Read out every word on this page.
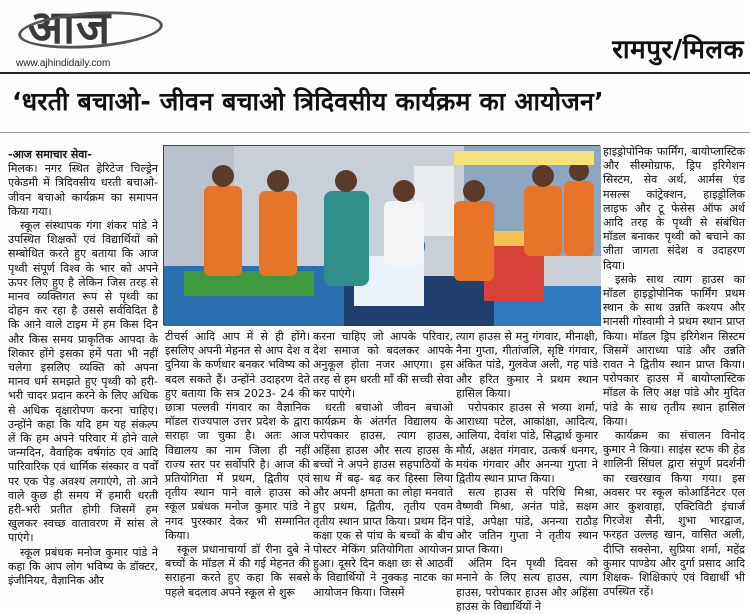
आज
www.ajhindidaily.com	रामपुर/मिलक
‘धरती बचाओ- जीवन बचाओ त्रिदिवसीय कार्यक्रम का आयोजन’

-आज समाचार सेवा-

मिलक। नगर स्थित हेरिटेज चिल्ड्रेन एकेडमी में त्रिदिवसीय धरती बचाओ- जीवन बचाओ कार्यक्रम का समापन किया गया।

स्कूल संस्थापक गंगा शंकर पांडे ने उपस्थित शिक्षकों एवं विद्यार्थियों को सम्बोधित करते हुए बताया कि आज पृथ्वी संपूर्ण विश्व के भार को अपने ऊपर लिए हुए है लेकिन जिस तरह से मानव व्यक्तिगत रूप से पृथ्वी का दोहन कर रहा है उससे सर्वविदित है कि आने वाले टाइम में हम किस दिन और किस समय प्राकृतिक आपदा के शिकार होंगे इसका हमें पता भी नहीं चलेगा इसलिए व्यक्ति को अपना मानव धर्म समझते हुए पृथ्वी को हरी- भरी चादर प्रदान करने के लिए अधिक से अधिक वृक्षारोपण करना चाहिए। उन्होंने कहा कि यदि हम यह संकल्प लें कि हम अपने परिवार में होने वाले जन्मदिन, वैवाहिक वर्षगांठ एवं आदि पारिवारिक एवं धार्मिक संस्कार व पर्वों पर एक पेड़ अवश्य लगाएंगे, तो आने वाले कुछ ही समय में हमारी धरती हरी-भरी प्रतीत होगी जिसमें हम खुलकर स्वच्छ वातावरण में सांस ले पाएंगे।

स्कूल प्रबंधक मनोज कुमार पांडे ने कहा कि आप लोग भविष्य के डॉक्टर, इंजीनियर, वैज्ञानिक और

टीचर्स आदि आप में से ही होंगे। इसलिए अपनी मेहनत से आप देश व दुनिया के कर्णधार बनकर भविष्य को बदल सकते हैं। उन्होंने उदाहरण देते हुए बताया कि सत्र 2023- 24 की छात्रा पल्लवी गंगवार का वैज्ञानिक मॉडल राज्यपाल उत्तर प्रदेश के द्वारा सराहा जा चुका है। अतः आज विद्यालय का नाम जिला ही नहीं राज्य स्तर पर सर्वोपरि है। आज की प्रतियोगिता में प्रथम, द्वितीय एवं तृतीय स्थान पाने वाले हाउस को स्कूल प्रबंधक मनोज कुमार पांडे ने नगद पुरस्कार देकर भी सम्मानित किया।

स्कूल प्रधानाचार्या डॉ रीना दुबे ने बच्चों के मॉडल में की गई मेहनत की सराहना करते हुए कहा कि सबसे पहले बदलाव अपने स्कूल से शुरू

करना चाहिए जो आपके परिवार, देश समाज को बदलकर आपके अनुकूल होता नजर आएगा। इस तरह से हम धरती माँ की सच्ची सेवा कर पाएंगे।

धरती बचाओ जीवन बचाओ कार्यक्रम के अंतर्गत विद्यालय के परोपकार हाउस, त्याग हाउस, अहिंसा हाउस और सत्य हाउस के बच्चों ने अपने हाउस सहपाठियों के साथ में बढ़- बढ़ कर हिस्सा लिया और अपनी क्षमता का लोहा मनवाते हुए प्रथम, द्वितीय, तृतीय एवम तृतीय स्थान प्राप्त किया। प्रथम दिन कक्षा एक से पांच के बच्चों के बीच पोस्टर मेकिंग प्रतियोगिता आयोजन हुआ। दूसरे दिन कक्षा छः से आठवीं के विद्यार्थियों ने नुक्कड़ नाटक का आयोजन किया। जिसमें

त्याग हाउस से मनु गंगवार, मीनाक्षी, नैना गुप्ता, गीतांजलि, सृष्टि गंगवार, अंकित पांडे, गुलवेज अली, गह पांडे और हरित कुमार ने प्रथम स्थान हासिल किया।

परोपकार हाउस से भव्या शर्मा, आराध्या पटेल, आकांक्षा, आदित्य, आलिया, देवांश पांडे, सिद्धार्थ कुमार मौर्य, अक्षत गंगवार, उत्कर्ष धनगर, मयंक गंगवार और अनन्या गुप्ता ने द्वितीय स्थान प्राप्त किया।

सत्य हाउस से परिधि मिश्रा, वैष्णवी मिश्रा, अनंत पांडे, सक्षम पांडे, अपेक्षा पांडे, अनन्या राठौड़ और जतिन गुप्ता ने तृतीय स्थान प्राप्त किया।

अंतिम दिन पृथ्वी दिवस को मनाने के लिए सत्य हाउस, त्याग हाउस, परोपकार हाउस और अहिंसा हाउस के विद्यार्थियों ने

हाइड्रोपोनिक फार्मिंग, बायोप्लास्टिक और सीस्मोग्राफ, ड्रिप इरिगेशन सिस्टम, सेव अर्थ, आर्मस एंड मसल्स कांट्रेक्शन, हाइड्रोलिक लाइफ और टू फेसेस ऑफ अर्थ आदि तरह के पृथ्वी से संबंधित मॉडल बनाकर पृथ्वी को बचाने का जीता जागता संदेश व उदाहरण दिया।

इसके साथ त्याग हाउस का मॉडल हाइड्रोपोनिक फार्मिंग प्रथम स्थान के साथ उन्नति कश्यप और मानसी गोस्वामी ने प्रथम स्थान प्राप्त किया। मॉडल ड्रिप इरिगेशन सिस्टम जिसमें आराध्या पांडे और उन्नति रावत ने द्वितीय स्थान प्राप्त किया। परोपकार हाउस में बायोप्लास्टिक मॉडल के लिए अक्ष पांडे और मुदित पांडे के साथ तृतीय स्थान हासिल किया।

कार्यक्रम का संचालन विनोद कुमार ने किया। साइंस स्टफ की हेड शालिनी सिंघल द्वारा संपूर्ण प्रदर्शनी का रखरखाव किया गया। इस अवसर पर स्कूल कोआर्डिनेटर एल आर कुशवाहा, एक्टिविटी इंचार्ज गिरजेश सैनी, शुभा भारद्वाज, फरहत उल्लह खान, वासित अली, दीप्ति सक्सेना, सुप्रिया शर्मा, महेंद्र कुमार पाण्डेय और दुर्गा प्रसाद आदि शिक्षक- शिक्षिकाएं एवं विद्यार्थी भी उपस्थित रहें।
